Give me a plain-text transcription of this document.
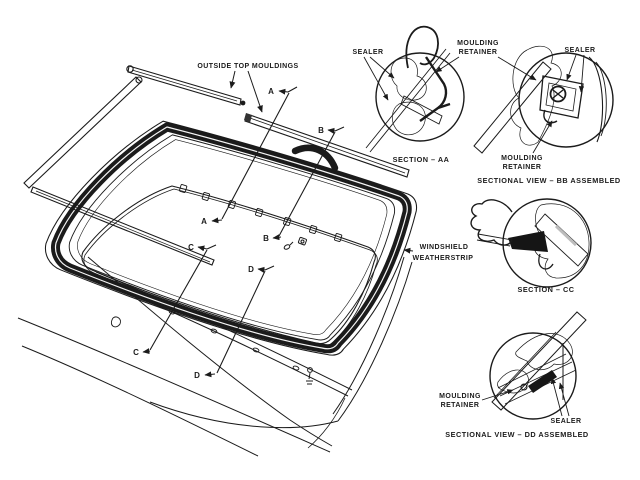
OUTSIDE TOP MOULDINGS
WINDSHIELD
WEATHERSTRIP
A
A
B
B
C
C
D
D
SEALER
MOULDING
RETAINER
SECTION – AA
SEALER
MOULDING
RETAINER
SECTIONAL VIEW – BB ASSEMBLED
SECTION – CC
MOULDING
RETAINER
SEALER
SECTIONAL VIEW – DD ASSEMBLED
